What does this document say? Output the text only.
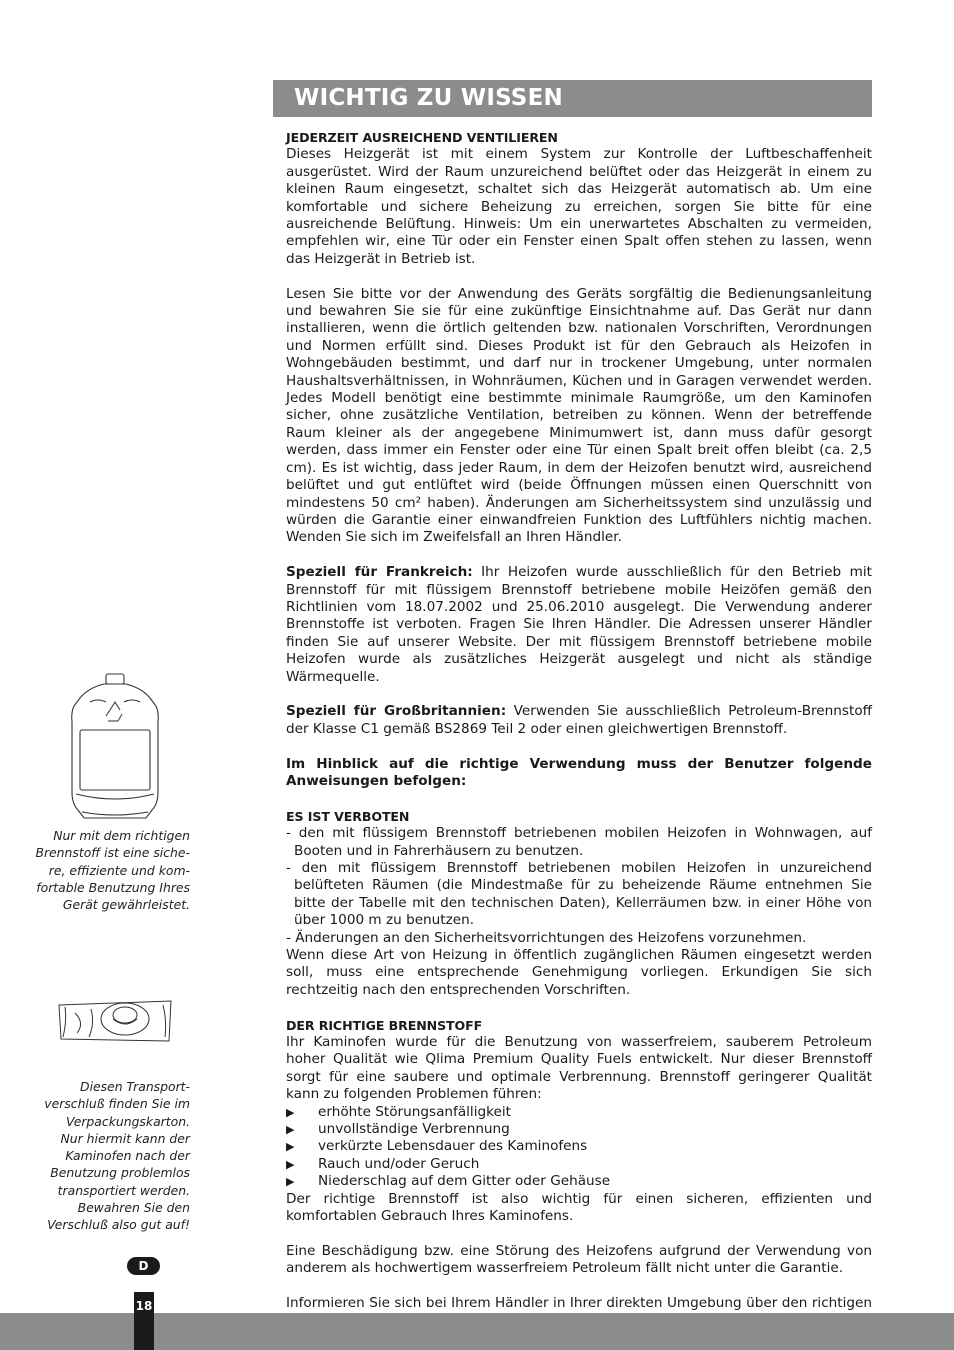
WICHTIG ZU WISSEN
Nur mit dem richtigen
Brennstoff ist eine siche-
re, effiziente und kom-
fortable Benutzung Ihres
Gerät gewährleistet.
Diesen Transport-
verschluß finden Sie im
Verpackungskarton.
Nur hiermit kann der
Kaminofen nach der
Benutzung problemlos
transportiert werden.
Bewahren Sie den
Verschluß also gut auf!
D

JEDERZEIT AUSREICHEND VENTILIEREN

Dieses Heizgerät ist mit einem System zur Kontrolle der Luftbeschaffenheit ausgerüstet. Wird der Raum unzureichend belüftet oder das Heizgerät in einem zu kleinen Raum eingesetzt, schaltet sich das Heizgerät automatisch ab. Um eine komfortable und sichere Beheizung zu erreichen, sorgen Sie bitte für eine ausreichende Belüftung. Hinweis: Um ein unerwartetes Abschalten zu vermeiden, empfehlen wir, eine Tür oder ein Fenster einen Spalt offen stehen zu lassen, wenn das Heizgerät in Betrieb ist.

Lesen Sie bitte vor der Anwendung des Geräts sorgfältig die Bedienungsanleitung und bewahren Sie sie für eine zukünftige Einsichtnahme auf. Das Gerät nur dann installieren, wenn die örtlich geltenden bzw. nationalen Vorschriften, Verordnungen und Normen erfüllt sind. Dieses Produkt ist für den Gebrauch als Heizofen in Wohngebäuden bestimmt, und darf nur in trockener Umgebung, unter normalen Haushaltsverhältnissen, in Wohnräumen, Küchen und in Garagen verwendet werden. Jedes Modell benötigt eine bestimmte minimale Raumgröße, um den Kaminofen sicher, ohne zusätzliche Ventilation, betreiben zu können. Wenn der betreffende Raum kleiner als der angegebene Minimumwert ist, dann muss dafür gesorgt werden, dass immer ein Fenster oder eine Tür einen Spalt breit offen bleibt (ca. 2,5 cm). Es ist wichtig, dass jeder Raum, in dem der Heizofen benutzt wird, ausreichend belüftet und gut entlüftet wird (beide Öffnungen müssen einen Querschnitt von mindestens 50 cm² haben). Änderungen am Sicherheitssystem sind unzulässig und würden die Garantie einer einwandfreien Funktion des Luftfühlers nichtig machen. Wenden Sie sich im Zweifelsfall an Ihren Händler.

Speziell für Frankreich: Ihr Heizofen wurde ausschließlich für den Betrieb mit Brennstoff für mit flüssigem Brennstoff betriebene mobile Heizöfen gemäß den Richtlinien vom 18.07.2002 und 25.06.2010 ausgelegt. Die Verwendung anderer Brennstoffe ist verboten. Fragen Sie Ihren Händler. Die Adressen unserer Händler finden Sie auf unserer Website. Der mit flüssigem Brennstoff betriebene mobile Heizofen wurde als zusätzliches Heizgerät ausgelegt und nicht als ständige Wärmequelle.

Speziell für Großbritannien: Verwenden Sie ausschließlich Petroleum-Brennstoff der Klasse C1 gemäß BS2869 Teil 2 oder einen gleichwertigen Brennstoff.

Im Hinblick auf die richtige Verwendung muss der Benutzer folgende Anweisungen befolgen:

ES IST VERBOTEN

- den mit flüssigem Brennstoff betriebenen mobilen Heizofen in Wohnwagen, auf Booten und in Fahrerhäusern zu benutzen.

- den mit flüssigem Brennstoff betriebenen mobilen Heizofen in unzureichend belüfteten Räumen (die Mindestmaße für zu beheizende Räume entnehmen Sie bitte der Tabelle mit den technischen Daten), Kellerräumen bzw. in einer Höhe von über 1000 m zu benutzen.

- Änderungen an den Sicherheitsvorrichtungen des Heizofens vorzunehmen.

Wenn diese Art von Heizung in öffentlich zugänglichen Räumen eingesetzt werden soll, muss eine entsprechende Genehmigung vorliegen. Erkundigen Sie sich rechtzeitig nach den entsprechenden Vorschriften.

DER RICHTIGE BRENNSTOFF

Ihr Kaminofen wurde für die Benutzung von wasserfreiem, sauberem Petroleum hoher Qualität wie Qlima Premium Quality Fuels entwickelt. Nur dieser Brennstoff sorgt für eine saubere und optimale Verbrennung. Brennstoff geringerer Qualität kann zu folgenden Problemen führen:

▶	erhöhte Störungsanfälligkeit
▶	unvollständige Verbrennung
▶	verkürzte Lebensdauer des Kaminofens
▶	Rauch und/oder Geruch
▶	Niederschlag auf dem Gitter oder Gehäuse

Der richtige Brennstoff ist also wichtig für einen sicheren, effizienten und komfortablen Gebrauch Ihres Kaminofens.

Eine Beschädigung bzw. eine Störung des Heizofens aufgrund der Verwendung von anderem als hochwertigem wasserfreiem Petroleum fällt nicht unter die Garantie.

Informieren Sie sich bei Ihrem Händler in Ihrer direkten Umgebung über den richtigen

18
